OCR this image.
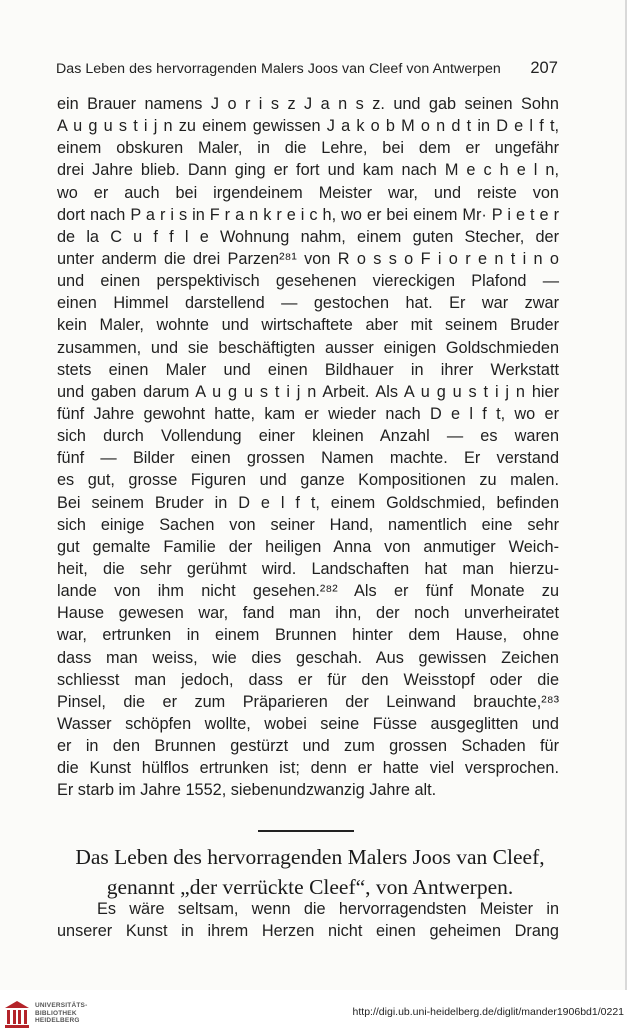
Das Leben des hervorragenden Malers Joos van Cleef von Antwerpen 207
ein Brauer namens J o r i s z J a n s z. und gab seinen Sohn
A u g u s t i j n zu einem gewissen J a k o b M o n d t in D e l f t,
einem obskuren Maler, in die Lehre, bei dem er ungefähr
drei Jahre blieb. Dann ging er fort und kam nach M e c h e l n,
wo er auch bei irgendeinem Meister war, und reiste von
dort nach P a r i s in F r a n k r e i c h, wo er bei einem Mr· P i e t e r
de la C u f f l e Wohnung nahm, einem guten Stecher, der
unter anderm die drei Parzen²⁸¹ von R o s s o F i o r e n t i n o
und einen perspektivisch gesehenen viereckigen Plafond —
einen Himmel darstellend — gestochen hat. Er war zwar
kein Maler, wohnte und wirtschaftete aber mit seinem Bruder
zusammen, und sie beschäftigten ausser einigen Goldschmieden
stets einen Maler und einen Bildhauer in ihrer Werkstatt
und gaben darum A u g u s t i j n Arbeit. Als A u g u s t i j n hier
fünf Jahre gewohnt hatte, kam er wieder nach D e l f t, wo er
sich durch Vollendung einer kleinen Anzahl — es waren
fünf — Bilder einen grossen Namen machte. Er verstand
es gut, grosse Figuren und ganze Kompositionen zu malen.
Bei seinem Bruder in D e l f t, einem Goldschmied, befinden
sich einige Sachen von seiner Hand, namentlich eine sehr
gut gemalte Familie der heiligen Anna von anmutiger Weich-
heit, die sehr gerühmt wird. Landschaften hat man hierzu-
lande von ihm nicht gesehen.²⁸² Als er fünf Monate zu
Hause gewesen war, fand man ihn, der noch unverheiratet
war, ertrunken in einem Brunnen hinter dem Hause, ohne
dass man weiss, wie dies geschah. Aus gewissen Zeichen
schliesst man jedoch, dass er für den Weisstopf oder die
Pinsel, die er zum Präparieren der Leinwand brauchte,²⁸³
Wasser schöpfen wollte, wobei seine Füsse ausgeglitten und
er in den Brunnen gestürzt und zum grossen Schaden für
die Kunst hülflos ertrunken ist; denn er hatte viel versprochen.
Er starb im Jahre 1552, siebenundzwanzig Jahre alt.
Das Leben des hervorragenden Malers Joos van Cleef,
genannt „der verrückte Cleef“, von Antwerpen.
Es wäre seltsam, wenn die hervorragendsten Meister in
unserer Kunst in ihrem Herzen nicht einen geheimen Drang
UNIVERSITÄTS-
BIBLIOTHEK
HEIDELBERG
http://digi.ub.uni-heidelberg.de/diglit/mander1906bd1/0221
